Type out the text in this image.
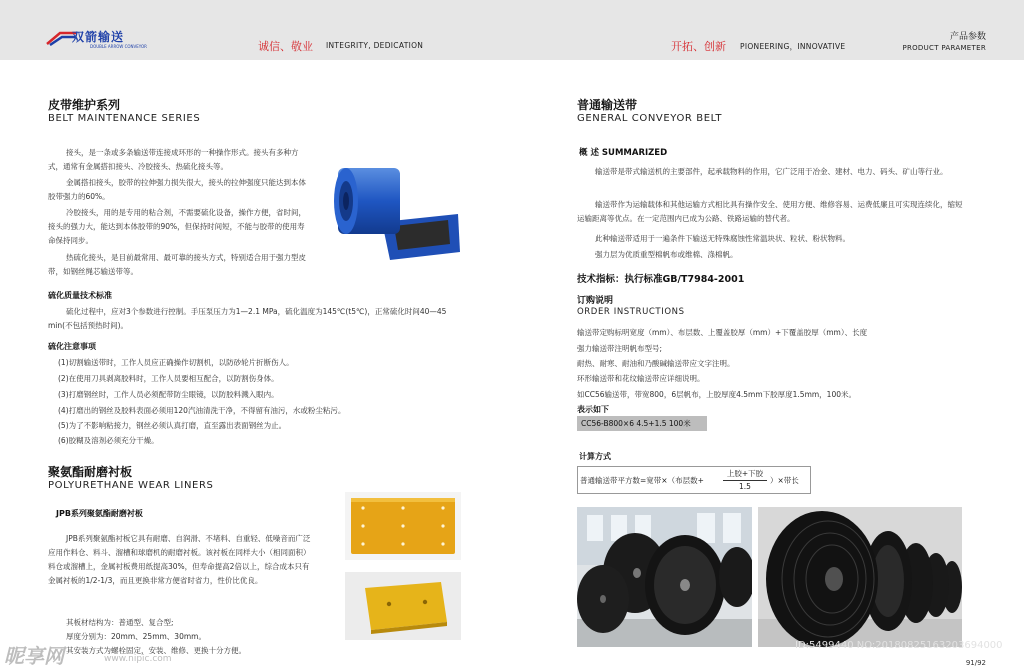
双箭输送
DOUBLE ARROW CONVEYOR	诚信、敬业 INTEGRITY, DEDICATION	开拓、创新 PIONEERING，INNOVATIVE
产品参数
PRODUCT PARAMETER
皮带维护系列
BELT MAINTENANCE SERIES

接头，是一条或多条输送带连接成环形的一种操作形式。接头有多种方式，通常有金属搭扣接头、冷胶接头、热硫化接头等。

金属搭扣接头，胶带的拉伸强力损失很大，接头的拉伸强度只能达到本体胶带强力的60%。

冷胶接头，用的是专用的粘合剂，不需要硫化设备，操作方便，省时间，接头的强力大，能达到本体胶带的90%，但保持时间短，不能与胶带的使用寿命保持同步。

热硫化接头，是目前最常用、最可靠的接头方式，特别适合用于强力型皮带，如钢丝绳芯输送带等。

硫化质量技术标准

硫化过程中，应对3个参数进行控制。手压泵压力为1—2.1 MPa，硫化温度为145℃(t5℃)，正常硫化时间40—45 min(不包括预热时间)。

硫化注意事项
(1)切割输送带时，工作人员应正确操作切割机，以防砂轮片折断伤人。
(2)在使用刀具剥离胶料时，工作人员要相互配合，以防割伤身体。
(3)打磨钢丝时，工作人员必须配带防尘眼镜，以防胶料溅入眼内。
(4)打磨出的钢丝及胶料表面必须用120汽油清洗干净，不得留有油污，水或粉尘粘污。
(5)为了不影响粘接力，钢丝必须认真打磨，直至露出表面钢丝为止。
(6)胶糊及溶剂必须充分干燥。
聚氨酯耐磨衬板
POLYURETHANE WEAR LINERS
JPB系列聚氨酯耐磨衬板

JPB系列聚氨酯衬板它具有耐磨、自润滑、不堵料、自重轻、低噪音而广泛应用作料仓、料斗、溜槽和球磨机的耐磨衬板。该衬板在同样大小（相同面积）料仓或溜槽上，金属衬板费用纸提高30%，但寿命提高2倍以上，综合成本只有金属衬板的1/2-1/3，而且更换非常方便省时省力，性价比优良。

其板材结构为：普通型、复合型;

厚度分别为：20mm、25mm、30mm。

其安装方式为螺栓固定，安装、维修、更换十分方便。

普通输送带
GENERAL CONVEYOR BELT
概 述 SUMMARIZED

输送带是带式输送机的主要部件，起承载物料的作用，它广泛用于冶金、建材、电力、码头、矿山等行业。

输送带作为运输载体和其他运输方式相比具有操作安全、使用方便、维修容易、运费低廉且可实现连续化，缩短运输距离等优点。在一定范围内已成为公路、铁路运输的替代者。

此种输送带适用于一遍条件下输送无特殊腐蚀性常温块状、粒状、粉状物料。

强力层为优质重型棉帆布或维棉、涤棉帆。

技术指标：执行标准GB/T7984-2001
订购说明
ORDER INSTRUCTIONS
输送带定购标明宽度（mm）、布层数、上覆盖胶厚（mm）+下覆盖胶厚（mm）、长度
强力输送带注明帆布型号;
耐热、耐寒、耐油和乃酸碱输送带应文字注明。
环形输送带和花纹输送带应详细说明。
如CC56输送带，带宽800，6层帆布，上胶厚度4.5mm下胶厚度1.5mm，100米。
表示如下
CC56-B800×6 4.5+1.5 100米
计算方式
普通输送带平方数=宽带×（布层数+
上胶+下胶
1.5
）×带长
昵享网	www.nipic.com
ID:5499440 NO:20180825163203694000
91/92
